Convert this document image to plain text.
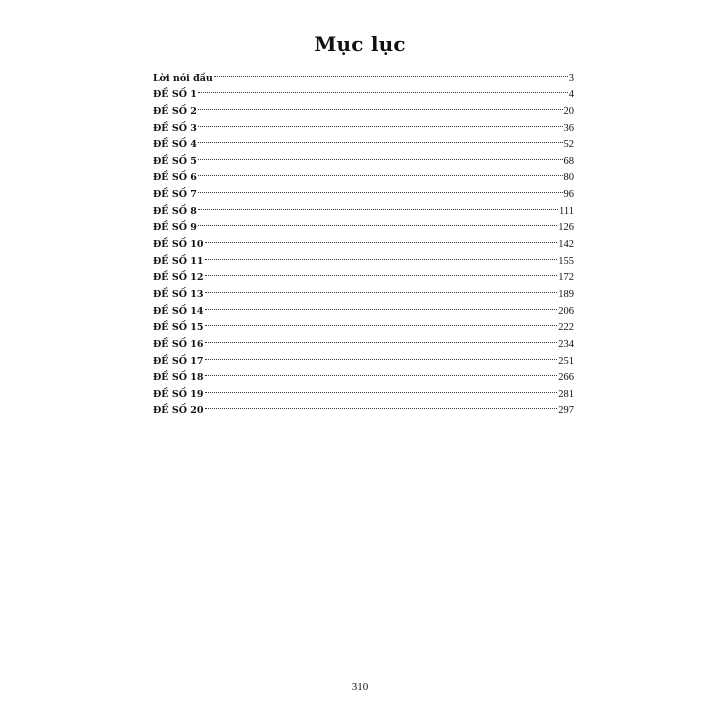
Mục lục
Lời nói đầu	3
ĐỀ SỐ 1	4
ĐỀ SỐ 2	20
ĐỀ SỐ 3	36
ĐỀ SỐ 4	52
ĐỀ SỐ 5	68
ĐỀ SỐ 6	80
ĐỀ SỐ 7	96
ĐỀ SỐ 8	111
ĐỀ SỐ 9	126
ĐỀ SỐ 10	142
ĐỀ SỐ 11	155
ĐỀ SỐ 12	172
ĐỀ SỐ 13	189
ĐỀ SỐ 14	206
ĐỀ SỐ 15	222
ĐỀ SỐ 16	234
ĐỀ SỐ 17	251
ĐỀ SỐ 18	266
ĐỀ SỐ 19	281
ĐỀ SỐ 20	297
310
